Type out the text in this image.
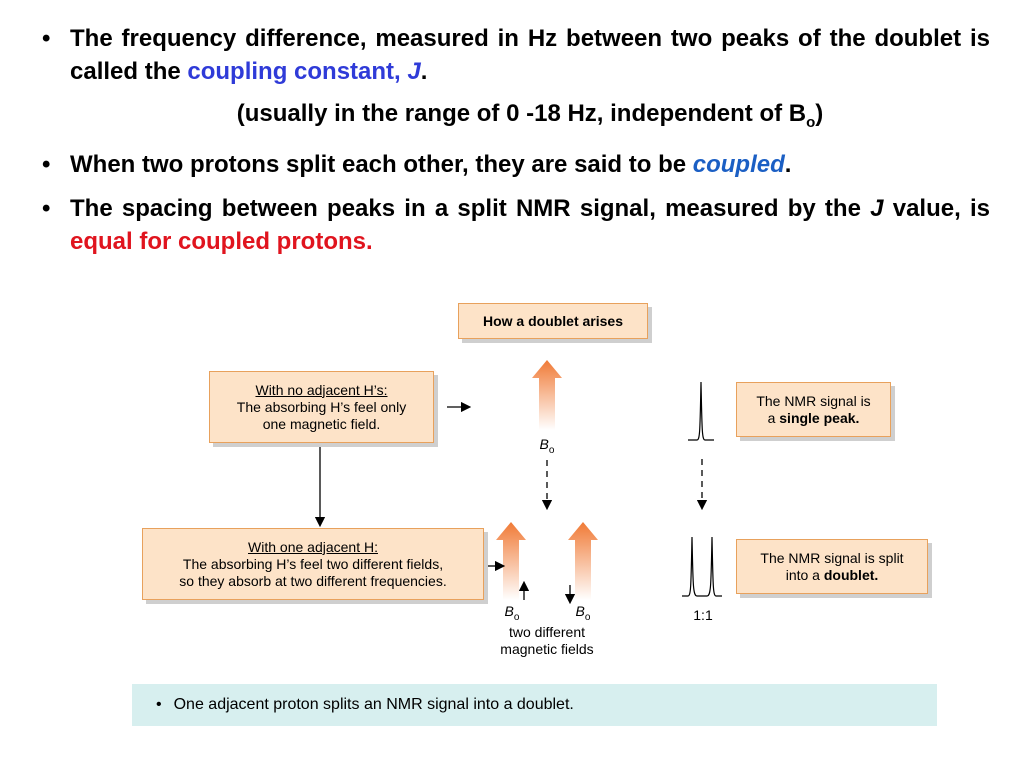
• The frequency difference, measured in Hz between two peaks of the doublet is called the coupling constant, J.
(usually in the range of 0 -18 Hz, independent of $B_o$)
• When two protons split each other, they are said to be coupled.
• The spacing between peaks in a split NMR signal, measured by the J value, is equal for coupled protons.
How a doublet arises
With no adjacent H’s:
The absorbing H’s feel only
one magnetic field.
With one adjacent H:
The absorbing H’s feel two different fields,
so they absorb at two different frequencies.
The NMR signal is
a single peak.
The NMR signal is split
into a doublet.
$B_o$
$B_o$	$B_o$
two different
magnetic fields
1:1
• One adjacent proton splits an NMR signal into a doublet.
